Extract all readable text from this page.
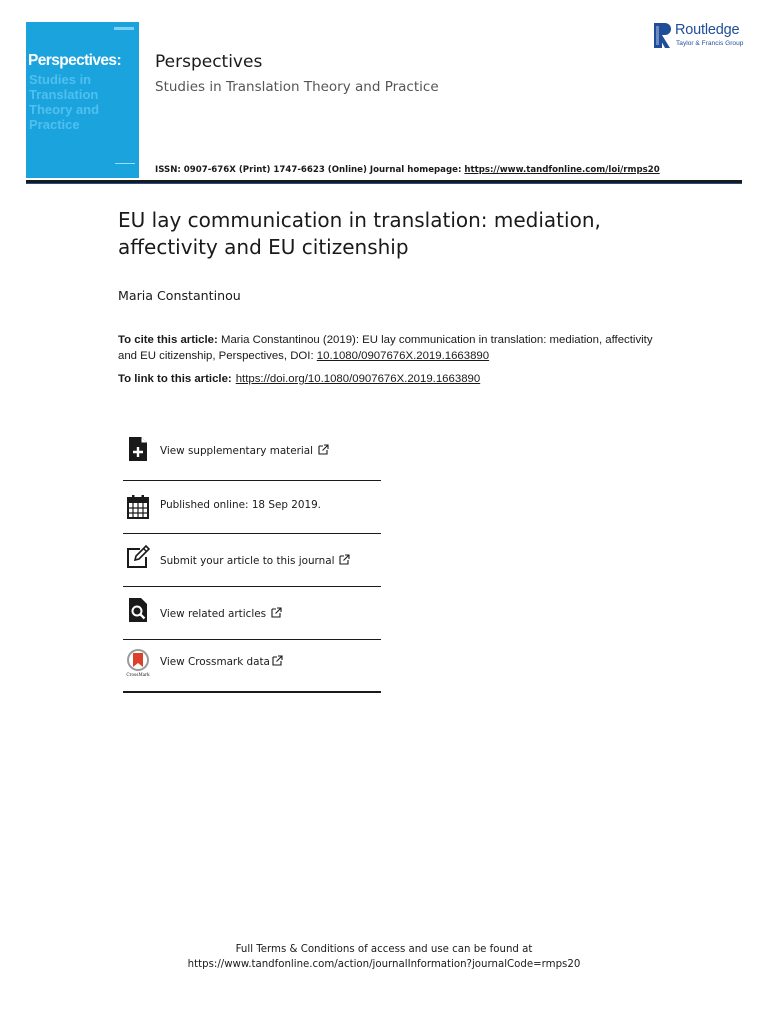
Perspectives:
Studies in Translation Theory and Practice
Perspectives
Studies in Translation Theory and Practice
ISSN: 0907-676X (Print) 1747-6623 (Online) Journal homepage: https://www.tandfonline.com/loi/rmps20
Routledge
Taylor & Francis Group
EU lay communication in translation: mediation, affectivity and EU citizenship
Maria Constantinou
To cite this article: Maria Constantinou (2019): EU lay communication in translation: mediation, affectivity and EU citizenship, Perspectives, DOI: 10.1080/0907676X.2019.1663890
To link to this article: https://doi.org/10.1080/0907676X.2019.1663890
View supplementary material
Published online: 18 Sep 2019.
Submit your article to this journal
View related articles
CrossMark
View Crossmark data
Full Terms & Conditions of access and use can be found at
https://www.tandfonline.com/action/journalInformation?journalCode=rmps20
